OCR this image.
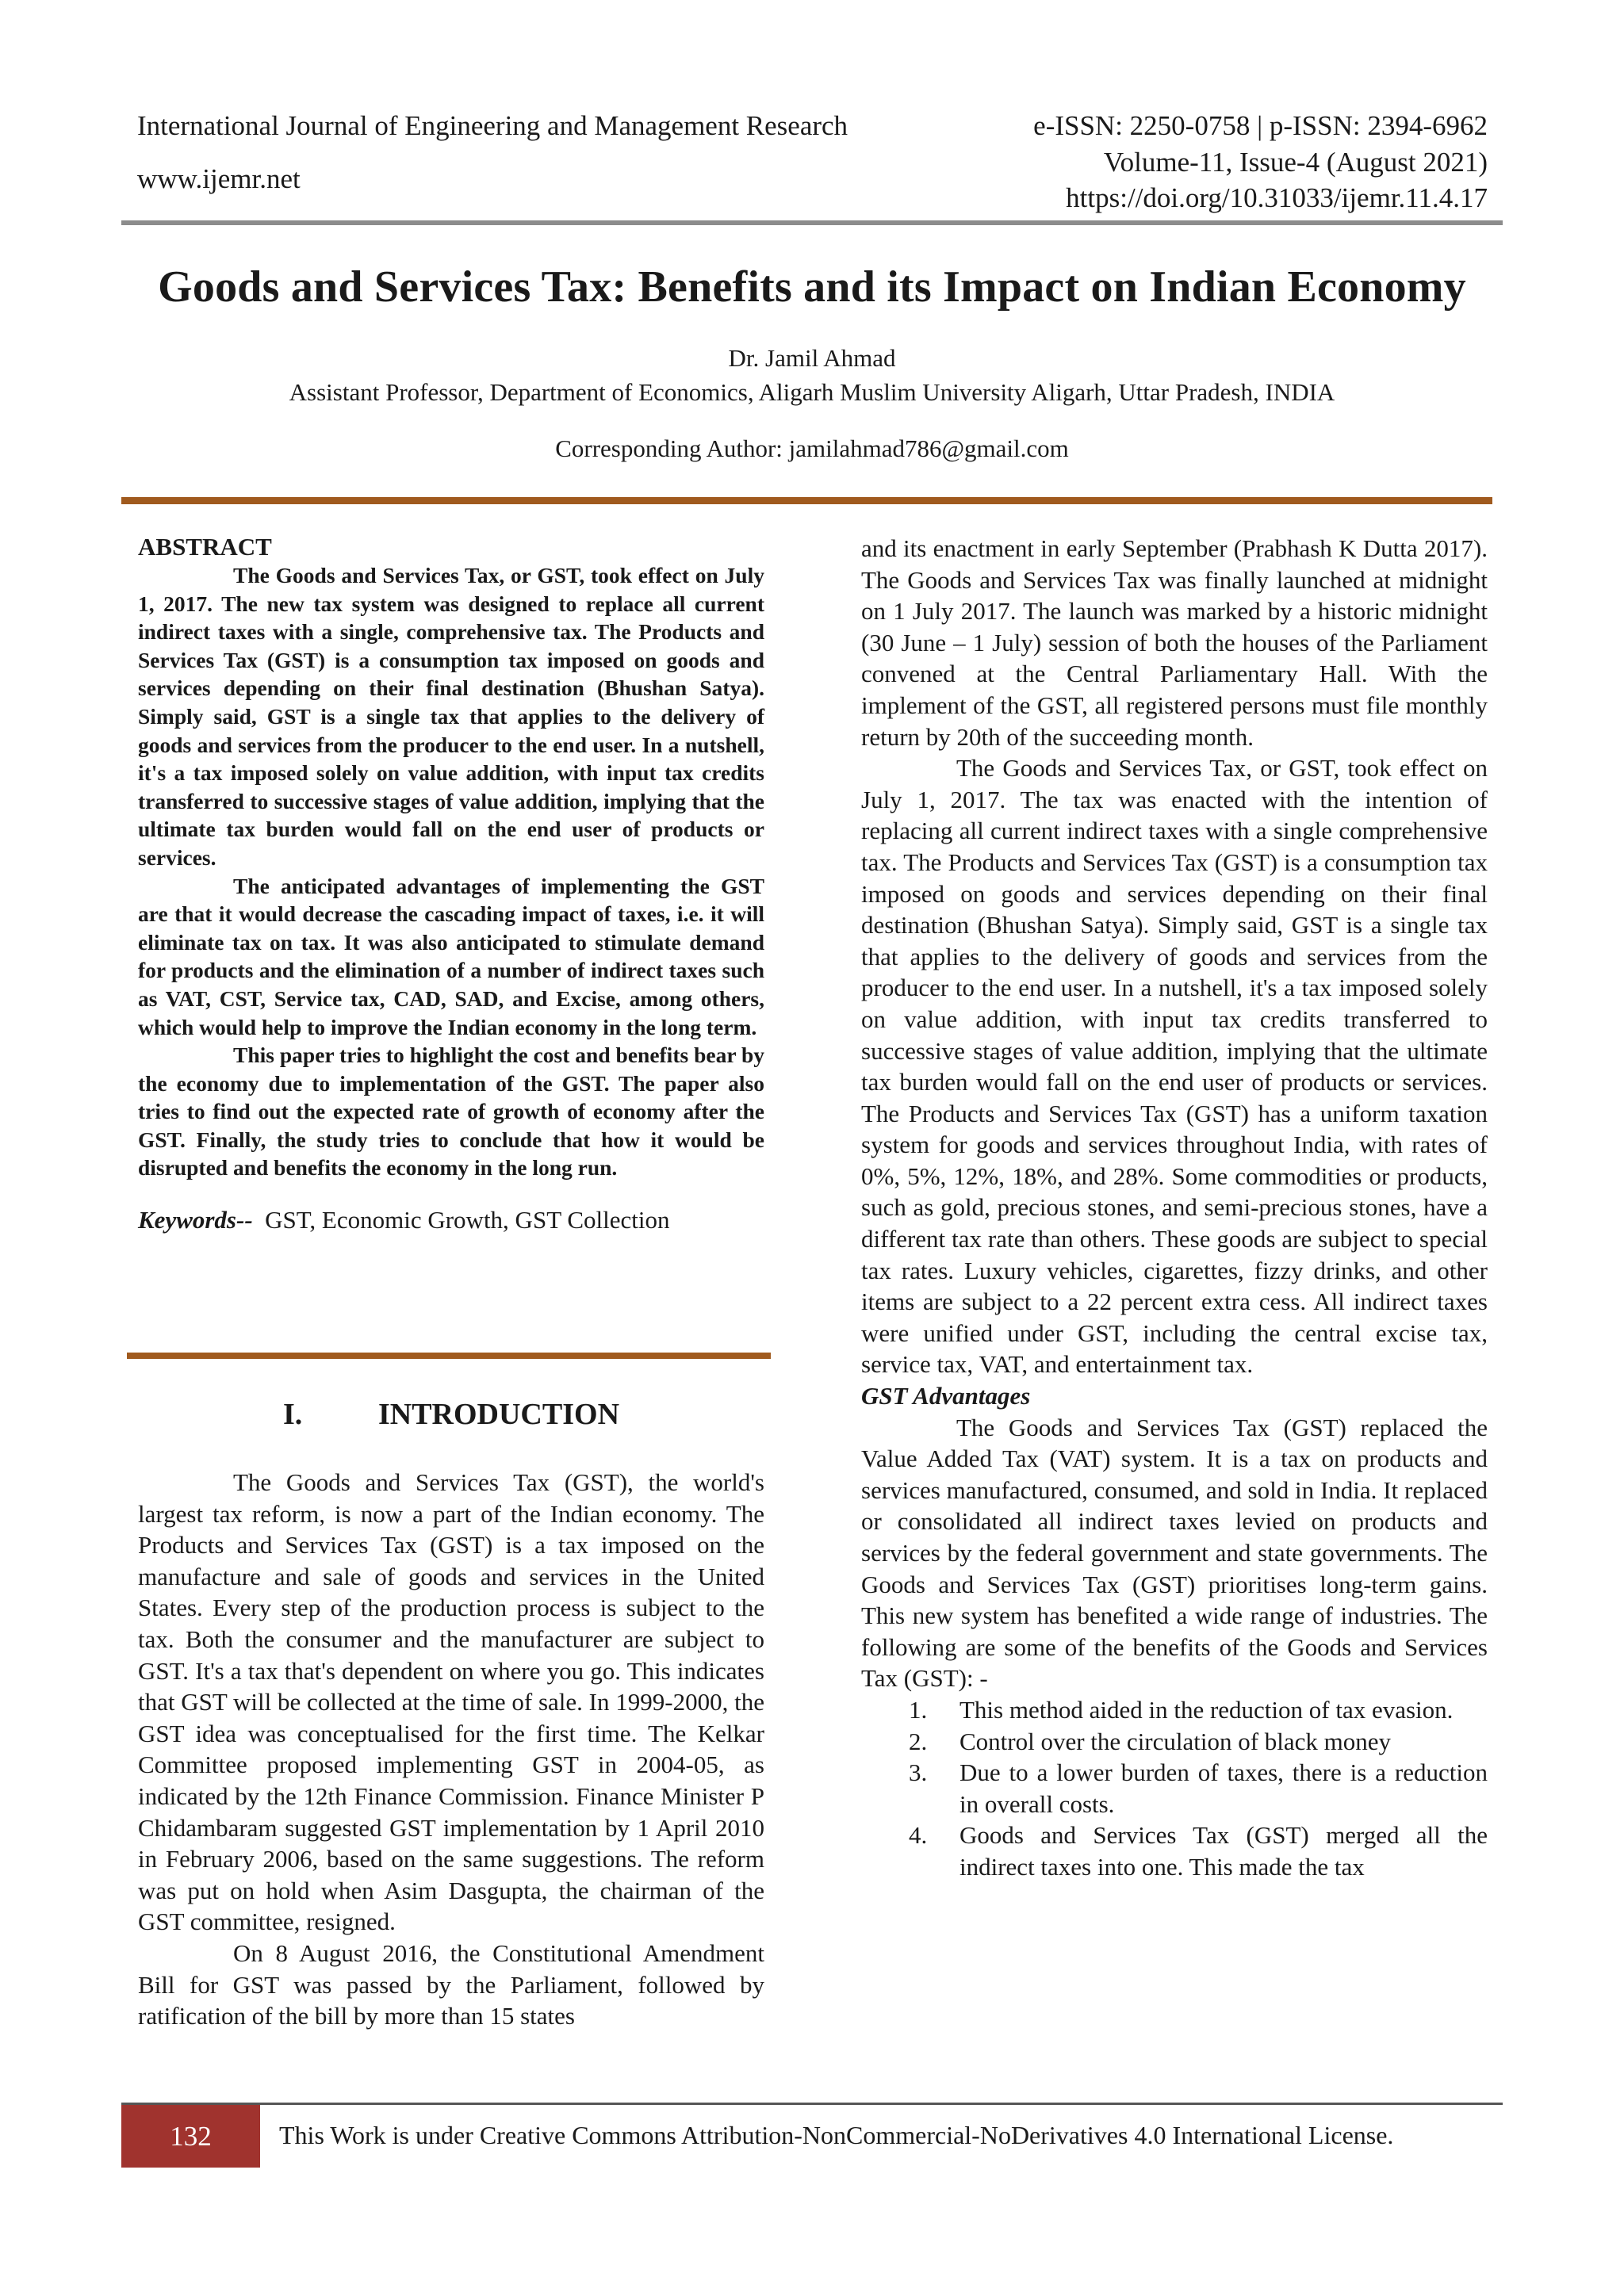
International Journal of Engineering and Management Research
www.ijemr.net
e-ISSN: 2250-0758 | p-ISSN: 2394-6962
Volume-11, Issue-4 (August 2021)
https://doi.org/10.31033/ijemr.11.4.17
Goods and Services Tax: Benefits and its Impact on Indian Economy
Dr. Jamil Ahmad
Assistant Professor, Department of Economics, Aligarh Muslim University Aligarh, Uttar Pradesh, INDIA
Corresponding Author: jamilahmad786@gmail.com
ABSTRACT

The Goods and Services Tax, or GST, took effect on July 1, 2017. The new tax system was designed to replace all current indirect taxes with a single, comprehensive tax. The Products and Services Tax (GST) is a consumption tax imposed on goods and services depending on their final destination (Bhushan Satya). Simply said, GST is a single tax that applies to the delivery of goods and services from the producer to the end user. In a nutshell, it's a tax imposed solely on value addition, with input tax credits transferred to successive stages of value addition, implying that the ultimate tax burden would fall on the end user of products or services.

The anticipated advantages of implementing the GST are that it would decrease the cascading impact of taxes, i.e. it will eliminate tax on tax. It was also anticipated to stimulate demand for products and the elimination of a number of indirect taxes such as VAT, CST, Service tax, CAD, SAD, and Excise, among others, which would help to improve the Indian economy in the long term.

This paper tries to highlight the cost and benefits bear by the economy due to implementation of the GST. The paper also tries to find out the expected rate of growth of economy after the GST. Finally, the study tries to conclude that how it would be disrupted and benefits the economy in the long run.

Keywords-- GST, Economic Growth, GST Collection
I.	INTRODUCTION

The Goods and Services Tax (GST), the world's largest tax reform, is now a part of the Indian economy. The Products and Services Tax (GST) is a tax imposed on the manufacture and sale of goods and services in the United States. Every step of the production process is subject to the tax. Both the consumer and the manufacturer are subject to GST. It's a tax that's dependent on where you go. This indicates that GST will be collected at the time of sale. In 1999-2000, the GST idea was conceptualised for the first time. The Kelkar Committee proposed implementing GST in 2004-05, as indicated by the 12th Finance Commission. Finance Minister P Chidambaram suggested GST implementation by 1 April 2010 in February 2006, based on the same suggestions. The reform was put on hold when Asim Dasgupta, the chairman of the GST committee, resigned.

On 8 August 2016, the Constitutional Amendment Bill for GST was passed by the Parliament, followed by ratification of the bill by more than 15 states

and its enactment in early September (Prabhash K Dutta 2017). The Goods and Services Tax was finally launched at midnight on 1 July 2017. The launch was marked by a historic midnight (30 June – 1 July) session of both the houses of the Parliament convened at the Central Parliamentary Hall. With the implement of the GST, all registered persons must file monthly return by 20th of the succeeding month.

The Goods and Services Tax, or GST, took effect on July 1, 2017. The tax was enacted with the intention of replacing all current indirect taxes with a single comprehensive tax. The Products and Services Tax (GST) is a consumption tax imposed on goods and services depending on their final destination (Bhushan Satya). Simply said, GST is a single tax that applies to the delivery of goods and services from the producer to the end user. In a nutshell, it's a tax imposed solely on value addition, with input tax credits transferred to successive stages of value addition, implying that the ultimate tax burden would fall on the end user of products or services. The Products and Services Tax (GST) has a uniform taxation system for goods and services throughout India, with rates of 0%, 5%, 12%, 18%, and 28%. Some commodities or products, such as gold, precious stones, and semi-precious stones, have a different tax rate than others. These goods are subject to special tax rates. Luxury vehicles, cigarettes, fizzy drinks, and other items are subject to a 22 percent extra cess. All indirect taxes were unified under GST, including the central excise tax, service tax, VAT, and entertainment tax.

GST Advantages

The Goods and Services Tax (GST) replaced the Value Added Tax (VAT) system. It is a tax on products and services manufactured, consumed, and sold in India. It replaced or consolidated all indirect taxes levied on products and services by the federal government and state governments. The Goods and Services Tax (GST) prioritises long-term gains. This new system has benefited a wide range of industries. The following are some of the benefits of the Goods and Services Tax (GST): -

1. This method aided in the reduction of tax evasion.
2. Control over the circulation of black money
3. Due to a lower burden of taxes, there is a reduction in overall costs.
4. Goods and Services Tax (GST) merged all the indirect taxes into one. This made the tax
132	This Work is under Creative Commons Attribution-NonCommercial-NoDerivatives 4.0 International License.
